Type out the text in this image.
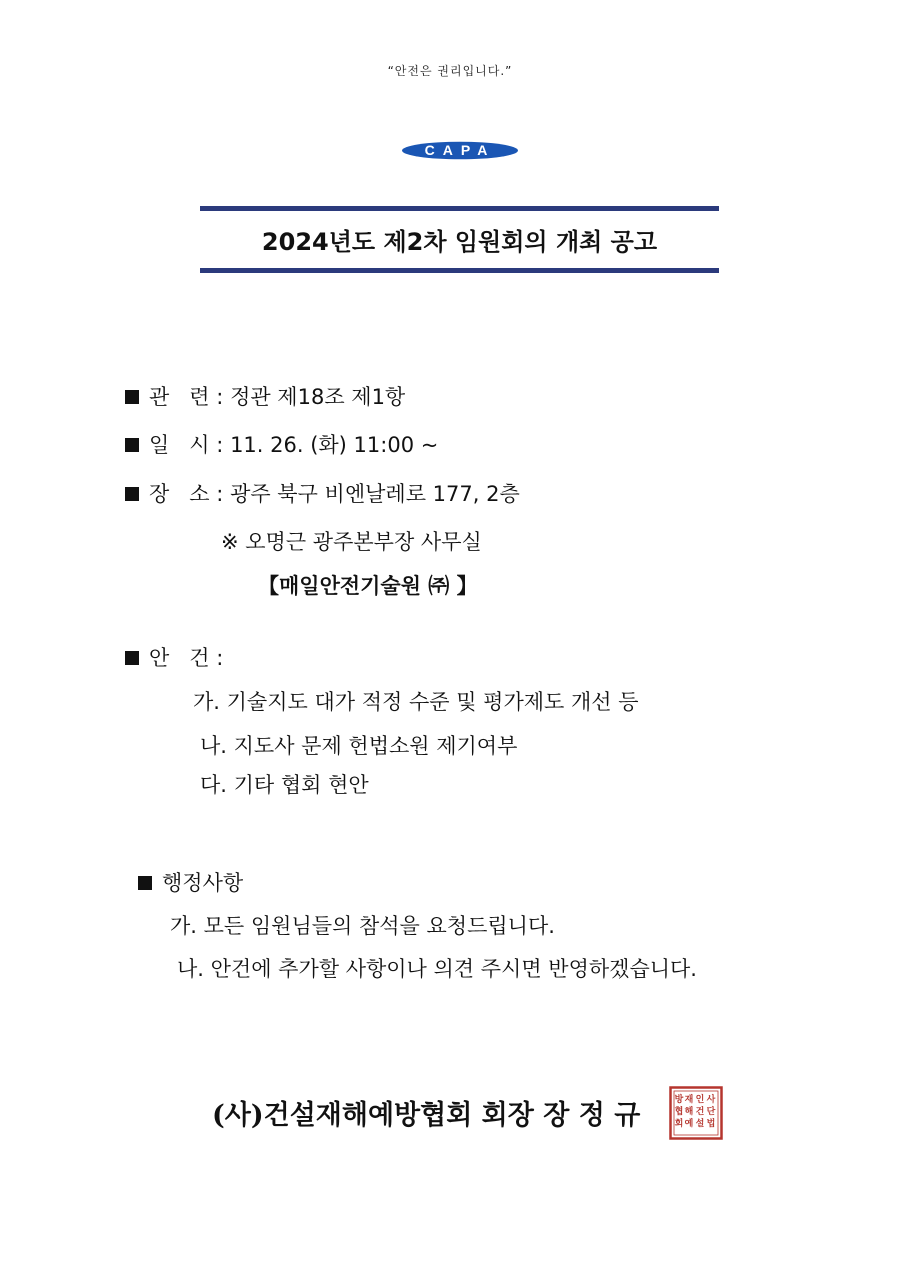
“안전은 권리입니다.”
CAPA
2024년도 제2차 임원회의 개최 공고
관   련 : 정관 제18조 제1항
일   시 : 11. 26. (화) 11:00 ~
장   소 : 광주 북구 비엔날레로 177, 2층
※ 오명근 광주본부장 사무실
【매일안전기술원 ㈜ 】
안   건 :
가. 기술지도 대가 적정 수준 및 평가제도 개선 등
나. 지도사 문제 헌법소원 제기여부
다. 기타 협회 현안
행정사항
가. 모든 임원님들의 참석을 요청드립니다.
나. 안건에 추가할 사항이나 의견 주시면 반영하겠습니다.
(사)건설재해예방협회 회장 장 정 규	사
단
법
인
건
설
재
해
예
방
협
회
